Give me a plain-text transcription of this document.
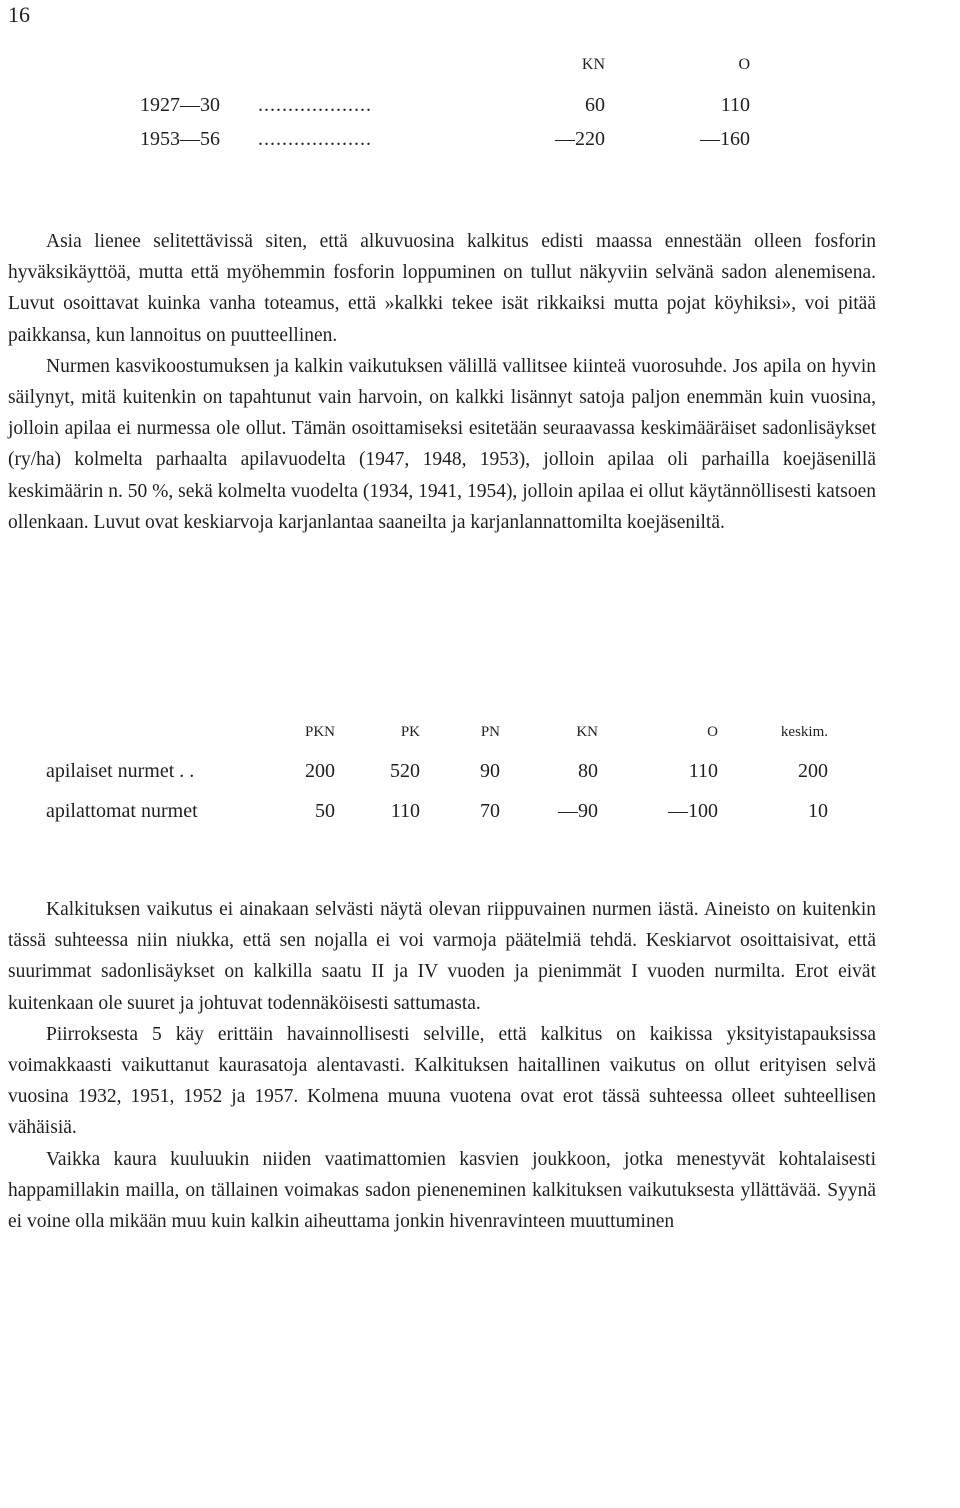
16
KN	O
1927—30 ...................	60	110
1953—56 ...................	—220	—160

Asia lienee selitettävissä siten, että alkuvuosina kalkitus edisti maassa ennestään olleen fosforin hyväksikäyttöä, mutta että myöhemmin fosforin loppuminen on tullut näkyviin selvänä sadon alenemisena. Luvut osoittavat kuinka vanha toteamus, että »kalkki tekee isät rikkaiksi mutta pojat köyhiksi», voi pitää paikkansa, kun lannoitus on puutteellinen.

Nurmen kasvikoostumuksen ja kalkin vaikutuksen välillä vallitsee kiinteä vuorosuhde. Jos apila on hyvin säilynyt, mitä kuitenkin on tapahtunut vain harvoin, on kalkki lisännyt satoja paljon enemmän kuin vuosina, jolloin apilaa ei nurmessa ole ollut. Tämän osoittamiseksi esitetään seuraavassa keskimääräiset sadonlisäykset (ry/ha) kolmelta parhaalta apilavuodelta (1947, 1948, 1953), jolloin apilaa oli parhailla koejäsenillä keskimäärin n. 50 %, sekä kolmelta vuodelta (1934, 1941, 1954), jolloin apilaa ei ollut käytännöllisesti katsoen ollenkaan. Luvut ovat keskiarvoja karjanlantaa saaneilta ja karjanlannattomilta koejäseniltä.

PKN	PK	PN	KN	O	keskim.
apilaiset nurmet . .	200	520	90	80	110	200
apilattomat nurmet	50	110	70	—90	—100	10

Kalkituksen vaikutus ei ainakaan selvästi näytä olevan riippuvainen nurmen iästä. Aineisto on kuitenkin tässä suhteessa niin niukka, että sen nojalla ei voi varmoja päätelmiä tehdä. Keskiarvot osoittaisivat, että suurimmat sadonlisäykset on kalkilla saatu II ja IV vuoden ja pienimmät I vuoden nurmilta. Erot eivät kuitenkaan ole suuret ja johtuvat todennäköisesti sattumasta.

Piirroksesta 5 käy erittäin havainnollisesti selville, että kalkitus on kaikissa yksityistapauksissa voimakkaasti vaikuttanut kaurasatoja alentavasti. Kalkituksen haitallinen vaikutus on ollut erityisen selvä vuosina 1932, 1951, 1952 ja 1957. Kolmena muuna vuotena ovat erot tässä suhteessa olleet suhteellisen vähäisiä.

Vaikka kaura kuuluukin niiden vaatimattomien kasvien joukkoon, jotka menestyvät kohtalaisesti happamillakin mailla, on tällainen voimakas sadon pieneneminen kalkituksen vaikutuksesta yllättävää. Syynä ei voine olla mikään muu kuin kalkin aiheuttama jonkin hivenravinteen muuttuminen
